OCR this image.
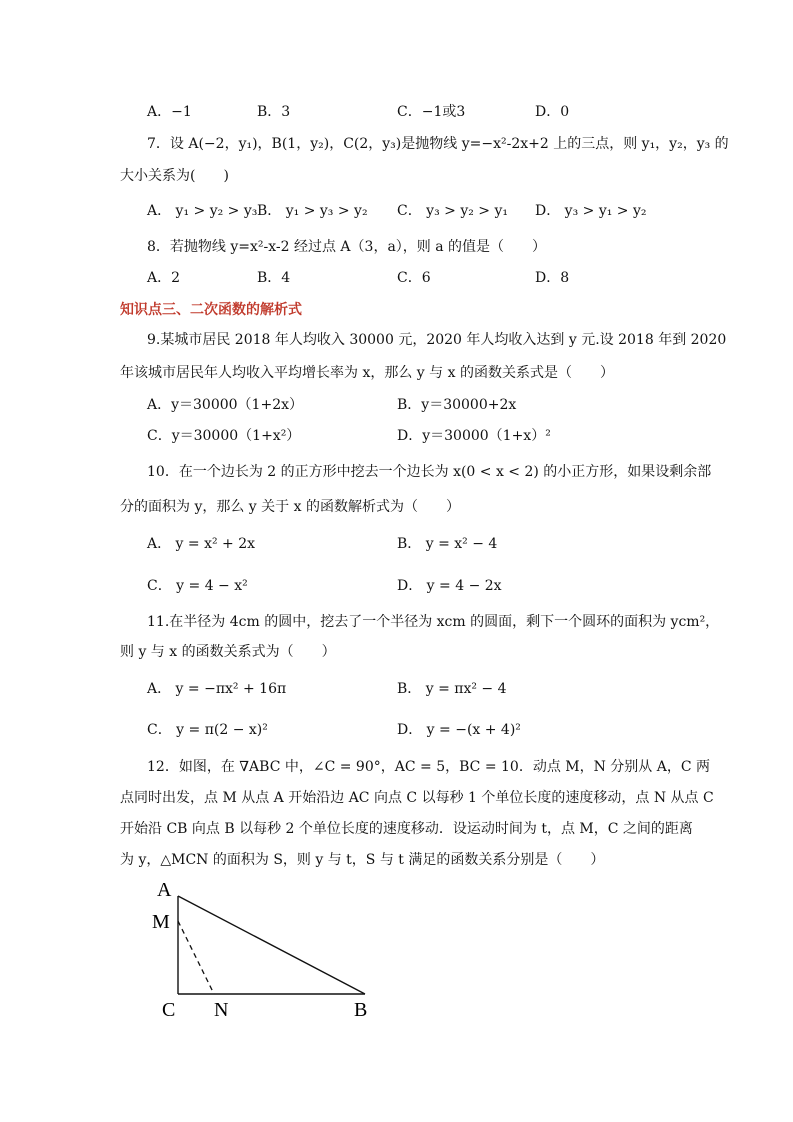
A．−1	B．3	C．−1或3	D．0
7．设 A(−2，y₁)，B(1，y₂)，C(2，y₃)是抛物线 y=−x²-2x+2 上的三点，则 y₁，y₂，y₃ 的
大小关系为(　　)
A． y₁ > y₂ > y₃ B． y₁ > y₃ > y₂ C． y₃ > y₂ > y₁ D． y₃ > y₁ > y₂
8．若抛物线 y=x²-x-2 经过点 A（3，a），则 a 的值是（　　）
A．2	B．4	C．6	D．8
知识点三、二次函数的解析式
9.某城市居民 2018 年人均收入 30000 元，2020 年人均收入达到 y 元.设 2018 年到 2020
年该城市居民年人均收入平均增长率为 x，那么 y 与 x 的函数关系式是（　　）
A．y＝30000（1+2x）	B．y＝30000+2x
C．y＝30000（1+x²）	D．y＝30000（1+x）²
10．在一个边长为 2 的正方形中挖去一个边长为 x(0 < x < 2) 的小正方形，如果设剩余部
分的面积为 y，那么 y 关于 x 的函数解析式为（　　）
A． y = x² + 2x	B． y = x² − 4
C． y = 4 − x²	D． y = 4 − 2x
11.在半径为 4cm 的圆中，挖去了一个半径为 xcm 的圆面，剩下一个圆环的面积为 ycm²，
则 y 与 x 的函数关系式为（　　）
A． y = −πx² + 16π	B． y = πx² − 4
C． y = π(2 − x)²	D． y = −(x + 4)²
12．如图，在 ∇ABC 中，∠C = 90°，AC = 5，BC = 10．动点 M，N 分别从 A，C 两
点同时出发，点 M 从点 A 开始沿边 AC 向点 C 以每秒 1 个单位长度的速度移动，点 N 从点 C
开始沿 CB 向点 B 以每秒 2 个单位长度的速度移动．设运动时间为 t，点 M，C 之间的距离
为 y，△MCN 的面积为 S，则 y 与 t，S 与 t 满足的函数关系分别是（　　）
A
M
C N	B
